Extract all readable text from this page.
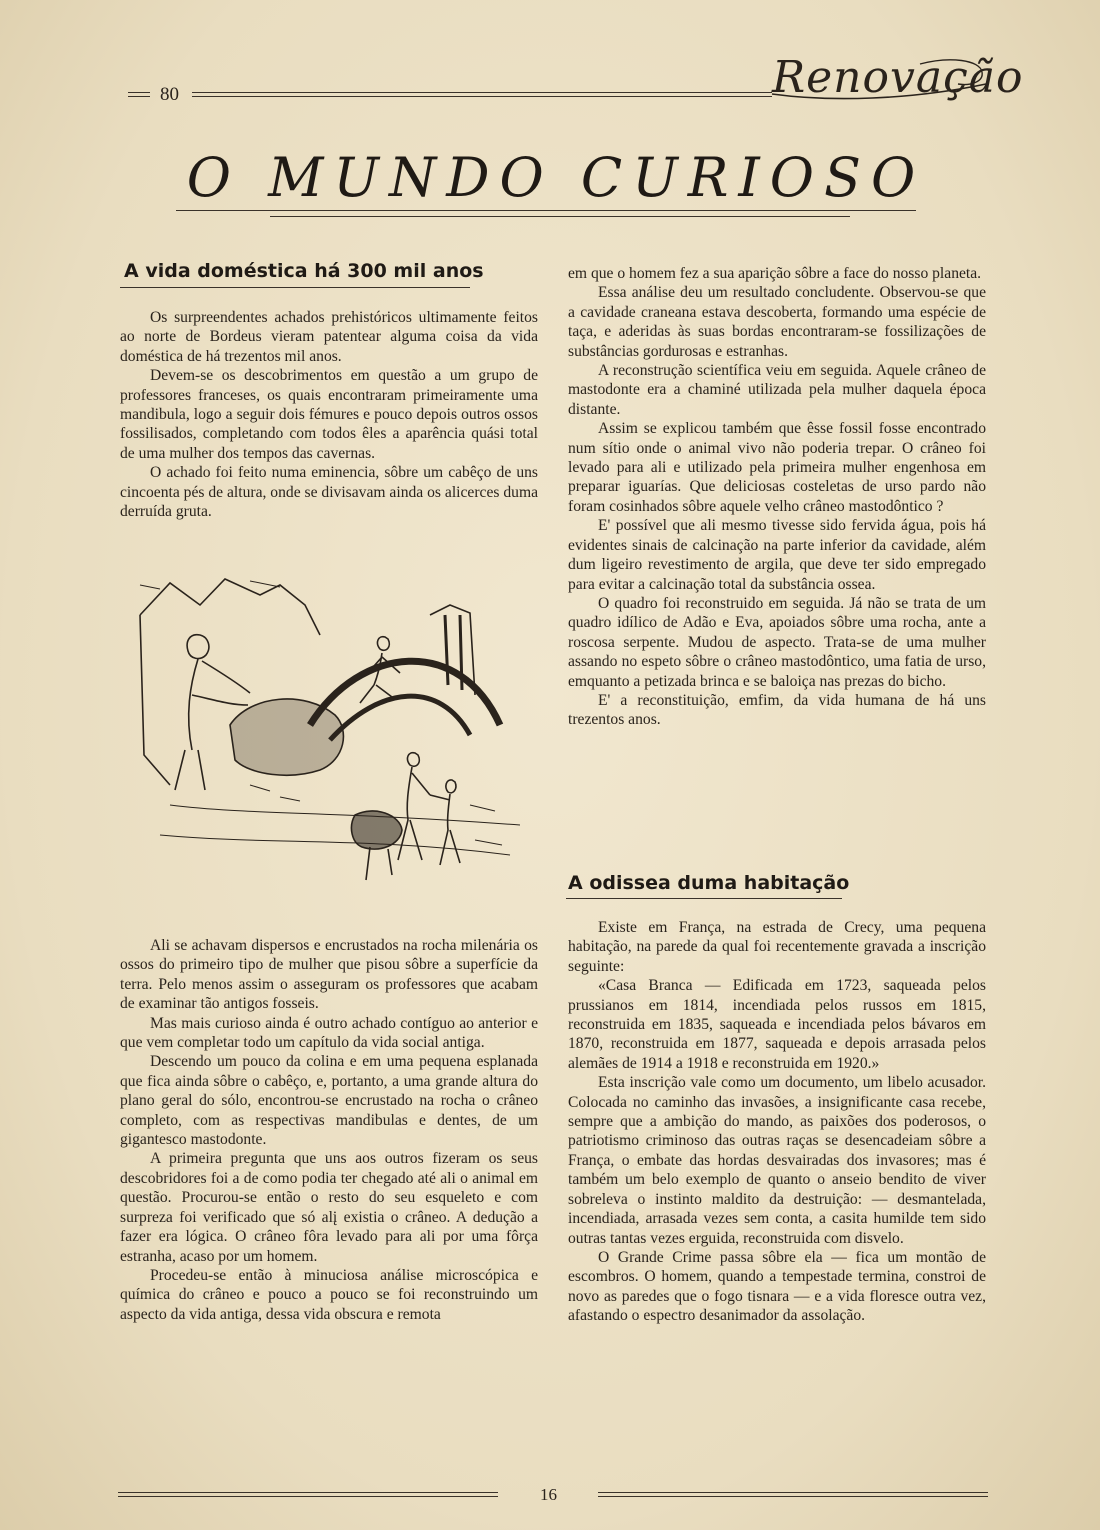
80	Renovação
O MUNDO CURIOSO
A vida doméstica há 300 mil anos

Os surpreendentes achados prehistóricos ultimamente feitos ao norte de Bordeus vieram patentear alguma coisa da vida doméstica de há trezentos mil anos.

Devem-se os descobrimentos em questão a um grupo de professores franceses, os quais encontraram primeiramente uma mandibula, logo a seguir dois fémures e pouco depois outros ossos fossilisados, completando com todos êles a aparência quási total de uma mulher dos tempos das cavernas.

O achado foi feito numa eminencia, sôbre um cabêço de uns cincoenta pés de altura, onde se divisavam ainda os alicerces duma derruída gruta.

Ali se achavam dispersos e encrustados na rocha milenária os ossos do primeiro tipo de mulher que pisou sôbre a superfície da terra. Pelo menos assim o asseguram os professores que acabam de examinar tão antigos fosseis.

Mas mais curioso ainda é outro achado contíguo ao anterior e que vem completar todo um capítulo da vida social antiga.

Descendo um pouco da colina e em uma pequena esplanada que fica ainda sôbre o cabêço, e, portanto, a uma grande altura do plano geral do sólo, encontrou-se encrustado na rocha o crâneo completo, com as respectivas mandibulas e dentes, de um gigantesco mastodonte.

A primeira pregunta que uns aos outros fizeram os seus descobridores foi a de como podia ter chegado até ali o animal em questão. Procurou-se então o resto do seu esqueleto e com surpreza foi verificado que só alį existia o crâneo. A dedução a fazer era lógica. O crâneo fôra levado para ali por uma fôrça estranha, acaso por um homem.

Procedeu-se então à minuciosa análise microscópica e química do crâneo e pouco a pouco se foi reconstruindo um aspecto da vida antiga, dessa vida obscura e remota

em que o homem fez a sua aparição sôbre a face do nosso planeta.

Essa análise deu um resultado concludente. Observou-se que a cavidade craneana estava descoberta, formando uma espécie de taça, e aderidas às suas bordas encontraram-se fossilizações de substâncias gordurosas e estranhas.

A reconstrução scientífica veiu em seguida. Aquele crâneo de mastodonte era a chaminé utilizada pela mulher daquela época distante.

Assim se explicou também que êsse fossil fosse encontrado num sítio onde o animal vivo não poderia trepar. O crâneo foi levado para ali e utilizado pela primeira mulher engenhosa em preparar iguarías. Que deliciosas costeletas de urso pardo não foram cosinhados sôbre aquele velho crâneo mastodôntico ?

E' possível que ali mesmo tivesse sido fervida água, pois há evidentes sinais de calcinação na parte inferior da cavidade, além dum ligeiro revestimento de argila, que deve ter sido empregado para evitar a calcinação total da substância ossea.

O quadro foi reconstruido em seguida. Já não se trata de um quadro idílico de Adão e Eva, apoiados sôbre uma rocha, ante a roscosa serpente. Mudou de aspecto. Trata-se de uma mulher assando no espeto sôbre o crâneo mastodôntico, uma fatia de urso, emquanto a petizada brinca e se baloiça nas prezas do bicho.

E' a reconstituição, emfim, da vida humana de há uns trezentos anos.

A odissea duma habitação

Existe em França, na estrada de Crecy, uma pequena habitação, na parede da qual foi recentemente gravada a inscrição seguinte:

«Casa Branca — Edificada em 1723, saqueada pelos prussianos em 1814, incendiada pelos russos em 1815, reconstruida em 1835, saqueada e incendiada pelos bávaros em 1870, reconstruida em 1877, saqueada e depois arrasada pelos alemães de 1914 a 1918 e reconstruida em 1920.»

Esta inscrição vale como um documento, um libelo acusador. Colocada no caminho das invasões, a insignificante casa recebe, sempre que a ambição do mando, as paixões dos poderosos, o patriotismo criminoso das outras raças se desencadeiam sôbre a França, o embate das hordas desvairadas dos invasores; mas é também um belo exemplo de quanto o anseio bendito de viver sobreleva o instinto maldito da destruição: — desmantelada, incendiada, arrasada vezes sem conta, a casita humilde tem sido outras tantas vezes erguida, reconstruida com disvelo.

O Grande Crime passa sôbre ela — fica um montão de escombros. O homem, quando a tempestade termina, constroi de novo as paredes que o fogo tisnara — e a vida floresce outra vez, afastando o espectro desanimador da assolação.

16
